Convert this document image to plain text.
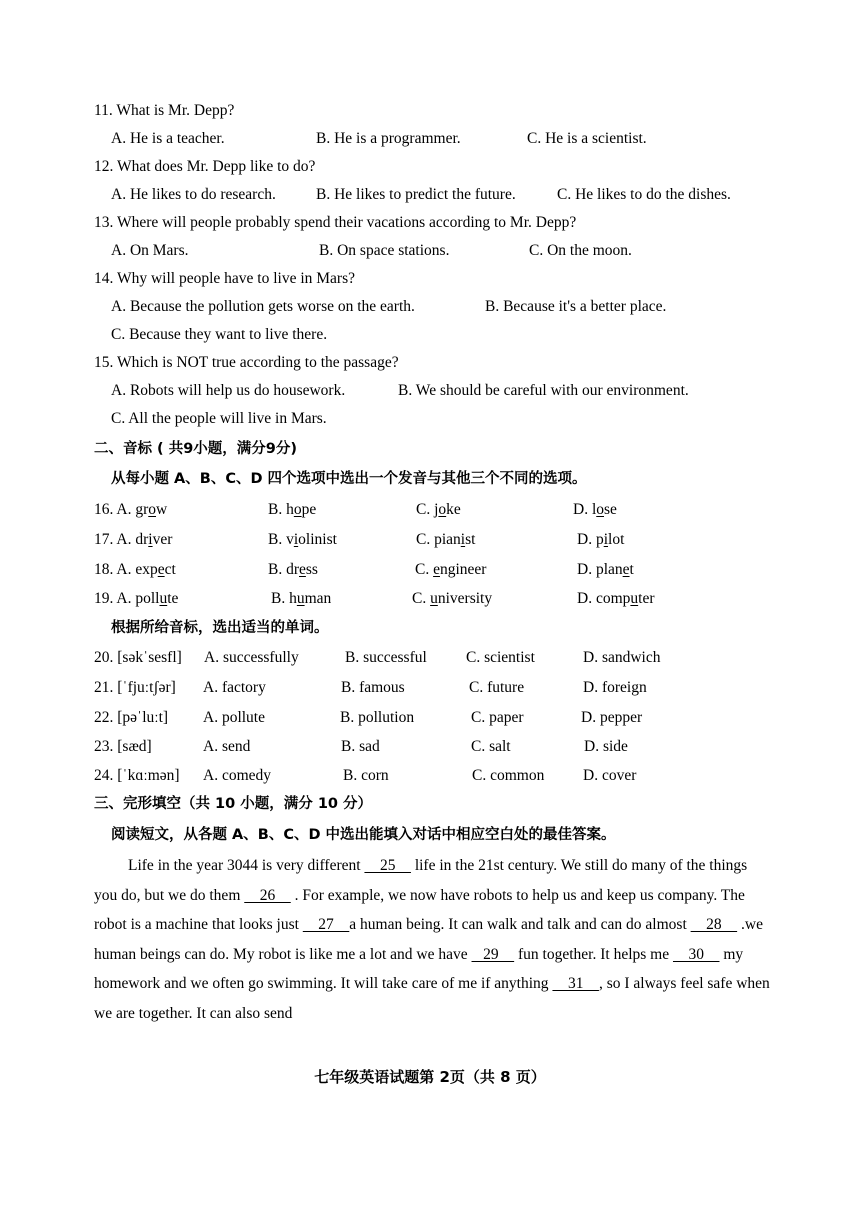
11. What is Mr. Depp?
A. He is a teacher.	B. He is a programmer.	C. He is a scientist.
12. What does Mr. Depp like to do?
A. He likes to do research.	B. He likes to predict the future.	C. He likes to do the dishes.
13. Where will people probably spend their vacations according to Mr. Depp?
A. On Mars.	B. On space stations.	C. On the moon.
14. Why will people have to live in Mars?
A. Because the pollution gets worse on the earth.	B. Because it's a better place.
C. Because they want to live there.
15. Which is NOT true according to the passage?
A. Robots will help us do housework.	B. We should be careful with our environment.
C. All the people will live in Mars.
二、音标 ( 共9小题，满分9分)
从每小题 A、B、C、D 四个选项中选出一个发音与其他三个不同的选项。
16. A. grow	B. hope	C. joke	D. lose
17. A. driver	B. violinist	C. pianist	D. pilot
18. A. expect	B. dress	C. engineer	D. planet
19. A. pollute	B. human	C. university	D. computer
根据所给音标，选出适当的单词。
20. [səkˈsesfl] A. successfully	B. successful	C. scientist	D. sandwich
21. [ˈfjuːtʃər] A. factory	B. famous	C. future	D. foreign
22. [pəˈluːt] A. pollute	B. pollution	C. paper	D. pepper
23. [sæd]	A. send	B. sad	C. salt	D. side
24. [ˈkɑːmən] A. comedy	B. corn	C. common D. cover
三、完形填空（共 10 小题，满分 10 分）
阅读短文，从各题 A、B、C、D 中选出能填入对话中相应空白处的最佳答案。
Life in the year 3044 is very different     25     life in the 21st century. We still do many of the things you do, but we do them     26     . For example, we now have robots to help us and keep us company. The robot is a machine that looks just     27    a human being. It can walk and talk and can do almost     28     .we human beings can do. My robot is like me a lot and we have    29     fun together. It helps me     30     my homework and we often go swimming. It will take care of me if anything     31    , so I always feel safe when we are together. It can also send
七年级英语试题第 2页（共 8 页）
